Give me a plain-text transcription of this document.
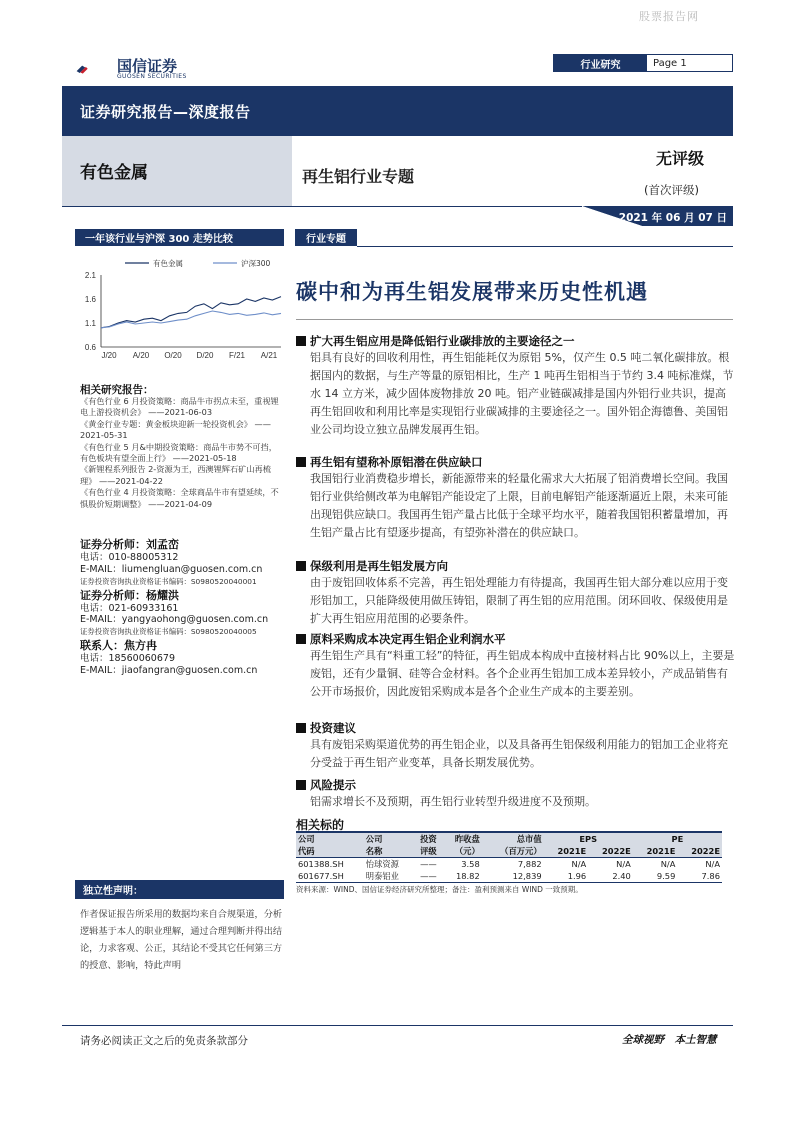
股票报告网
国信证券
GUOSEN SECURITIES
行业研究	Page 1
证券研究报告—深度报告
有色金属	再生铝行业专题
无评级
(首次评级)
2021 年 06 月 07 日
一年该行业与沪深 300 走势比较	行业专题
2.1
1.6
1.1
0.6
J/20 A/20 O/20 D/20 F/21 A/21
有色金属	沪深300
碳中和为再生铝发展带来历史性机遇
扩大再生铝应用是降低铝行业碳排放的主要途径之一
铝具有良好的回收利用性，再生铝能耗仅为原铝 5%，仅产生 0.5 吨二氧化碳排放。根据国内的数据，与生产等量的原铝相比，生产 1 吨再生铝相当于节约 3.4 吨标准煤，节水 14 立方米，减少固体废物排放 20 吨。铝产业链碳减排是国内外铝行业共识，提高再生铝回收和利用比率是实现铝行业碳减排的主要途径之一。国外铝企海德鲁、美国铝业公司均设立独立品牌发展再生铝。
再生铝有望称补原铝潜在供应缺口
我国铝行业消费稳步增长，新能源带来的轻量化需求大大拓展了铝消费增长空间。我国铝行业供给侧改革为电解铝产能设定了上限，目前电解铝产能逐渐逼近上限，未来可能出现铝供应缺口。我国再生铝产量占比低于全球平均水平，随着我国铝积蓄量增加，再生铝产量占比有望逐步提高，有望弥补潜在的供应缺口。
保级利用是再生铝发展方向
由于废铝回收体系不完善，再生铝处理能力有待提高，我国再生铝大部分难以应用于变形铝加工，只能降级使用做压铸铝，限制了再生铝的应用范围。闭环回收、保级使用是扩大再生铝应用范围的必要条件。
原料采购成本决定再生铝企业利润水平
再生铝生产具有“料重工轻”的特征，再生铝成本构成中直接材料占比 90%以上，主要是废铝，还有少量铜、硅等合金材料。各个企业再生铝加工成本差异较小，产成品销售有公开市场报价，因此废铝采购成本是各个企业生产成本的主要差别。
投资建议
具有废铝采购渠道优势的再生铝企业，以及具备再生铝保级利用能力的铝加工企业将充分受益于再生铝产业变革，具备长期发展优势。
风险提示
铝需求增长不及预期，再生铝行业转型升级进度不及预期。
相关研究报告：
《有色行业 6 月投资策略：商品牛市拐点未至，重视锂电上游投资机会》 ——2021-06-03
《黄金行业专题：黄金板块迎新一轮投资机会》 ——2021-05-31
《有色行业 5 月&中期投资策略：商品牛市势不可挡，有色板块有望全面上行》 ——2021-05-18
《新锂程系列报告 2-资源为王，西澳锂辉石矿山再梳理》 ——2021-04-22
《有色行业 4 月投资策略：全球商品牛市有望延续，不惧股价短期调整》 ——2021-04-09
证券分析师：刘孟峦
电话：010-88005312
E-MAIL：liumengluan@guosen.com.cn
证券投资咨询执业资格证书编码：S0980520040001
证券分析师：杨耀洪
电话：021-60933161
E-MAIL：yangyaohong@guosen.com.cn
证券投资咨询执业资格证书编码：S0980520040005
联系人：焦方冉
电话：18560060679
E-MAIL：jiaofangran@guosen.com.cn
相关标的
公司	公司	投资	昨收盘	总市值	EPS		PE	
代码	名称	评级	（元）	（百万元）	2021E	2022E	2021E	2022E
601388.SH	怡球资源	——	3.58	7,882	N/A	N/A	N/A	N/A
601677.SH	明泰铝业	——	18.82	12,839	1.96	2.40	9.59	7.86
资料来源：WIND、国信证券经济研究所整理；备注：盈利预测来自 WIND 一致预期。
独立性声明：
作者保证报告所采用的数据均来自合规渠道，分析逻辑基于本人的职业理解，通过合理判断并得出结论，力求客观、公正，其结论不受其它任何第三方的授意、影响，特此声明
请务必阅读正文之后的免责条款部分	全球视野　本土智慧
